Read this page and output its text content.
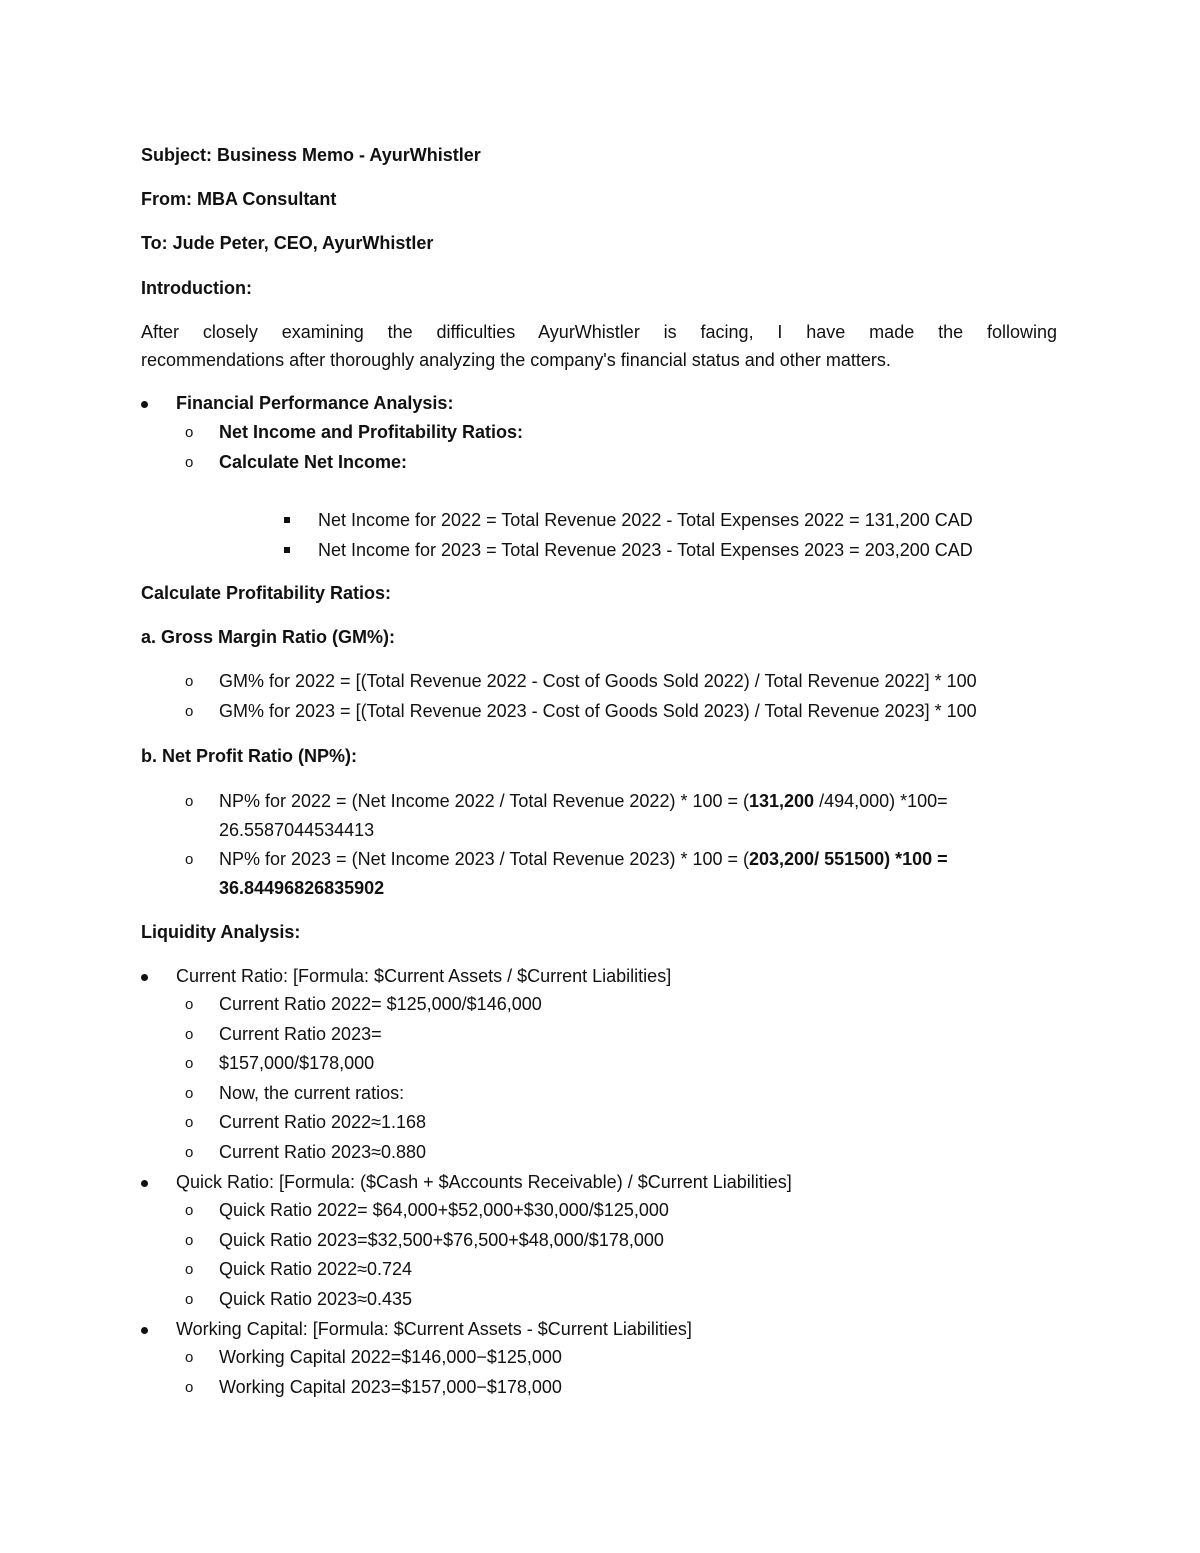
Subject: Business Memo - AyurWhistler
From: MBA Consultant
To: Jude Peter, CEO, AyurWhistler
Introduction:
After closely examining the difficulties AyurWhistler is facing, I have made the following
recommendations after thoroughly analyzing the company's financial status and other matters.
Financial Performance Analysis:
o Net Income and Profitability Ratios:
o Calculate Net Income:
Net Income for 2022 = Total Revenue 2022 - Total Expenses 2022 = 131,200 CAD
Net Income for 2023 = Total Revenue 2023 - Total Expenses 2023 = 203,200 CAD
Calculate Profitability Ratios:
a. Gross Margin Ratio (GM%):
o GM% for 2022 = [(Total Revenue 2022 - Cost of Goods Sold 2022) / Total Revenue 2022] * 100
o GM% for 2023 = [(Total Revenue 2023 - Cost of Goods Sold 2023) / Total Revenue 2023] * 100
b. Net Profit Ratio (NP%):
o NP% for 2022 = (Net Income 2022 / Total Revenue 2022) * 100 = (131,200 /494,000) *100=
26.5587044534413
o NP% for 2023 = (Net Income 2023 / Total Revenue 2023) * 100 = (203,200/ 551500) *100 =
36.84496826835902
Liquidity Analysis:
Current Ratio: [Formula: $Current Assets / $Current Liabilities]
o Current Ratio 2022= $125,000/$146,000
o Current Ratio 2023=
o $157,000/$178,000
o Now, the current ratios:
o Current Ratio 2022≈1.168
o Current Ratio 2023≈0.880
Quick Ratio: [Formula: ($Cash + $Accounts Receivable) / $Current Liabilities]
o Quick Ratio 2022= $64,000+$52,000+$30,000/$125,000
o Quick Ratio 2023=$32,500+$76,500+$48,000/$178,000
o Quick Ratio 2022≈0.724
o Quick Ratio 2023≈0.435
Working Capital: [Formula: $Current Assets - $Current Liabilities]
o Working Capital 2022=$146,000−$125,000
o Working Capital 2023=$157,000−$178,000
